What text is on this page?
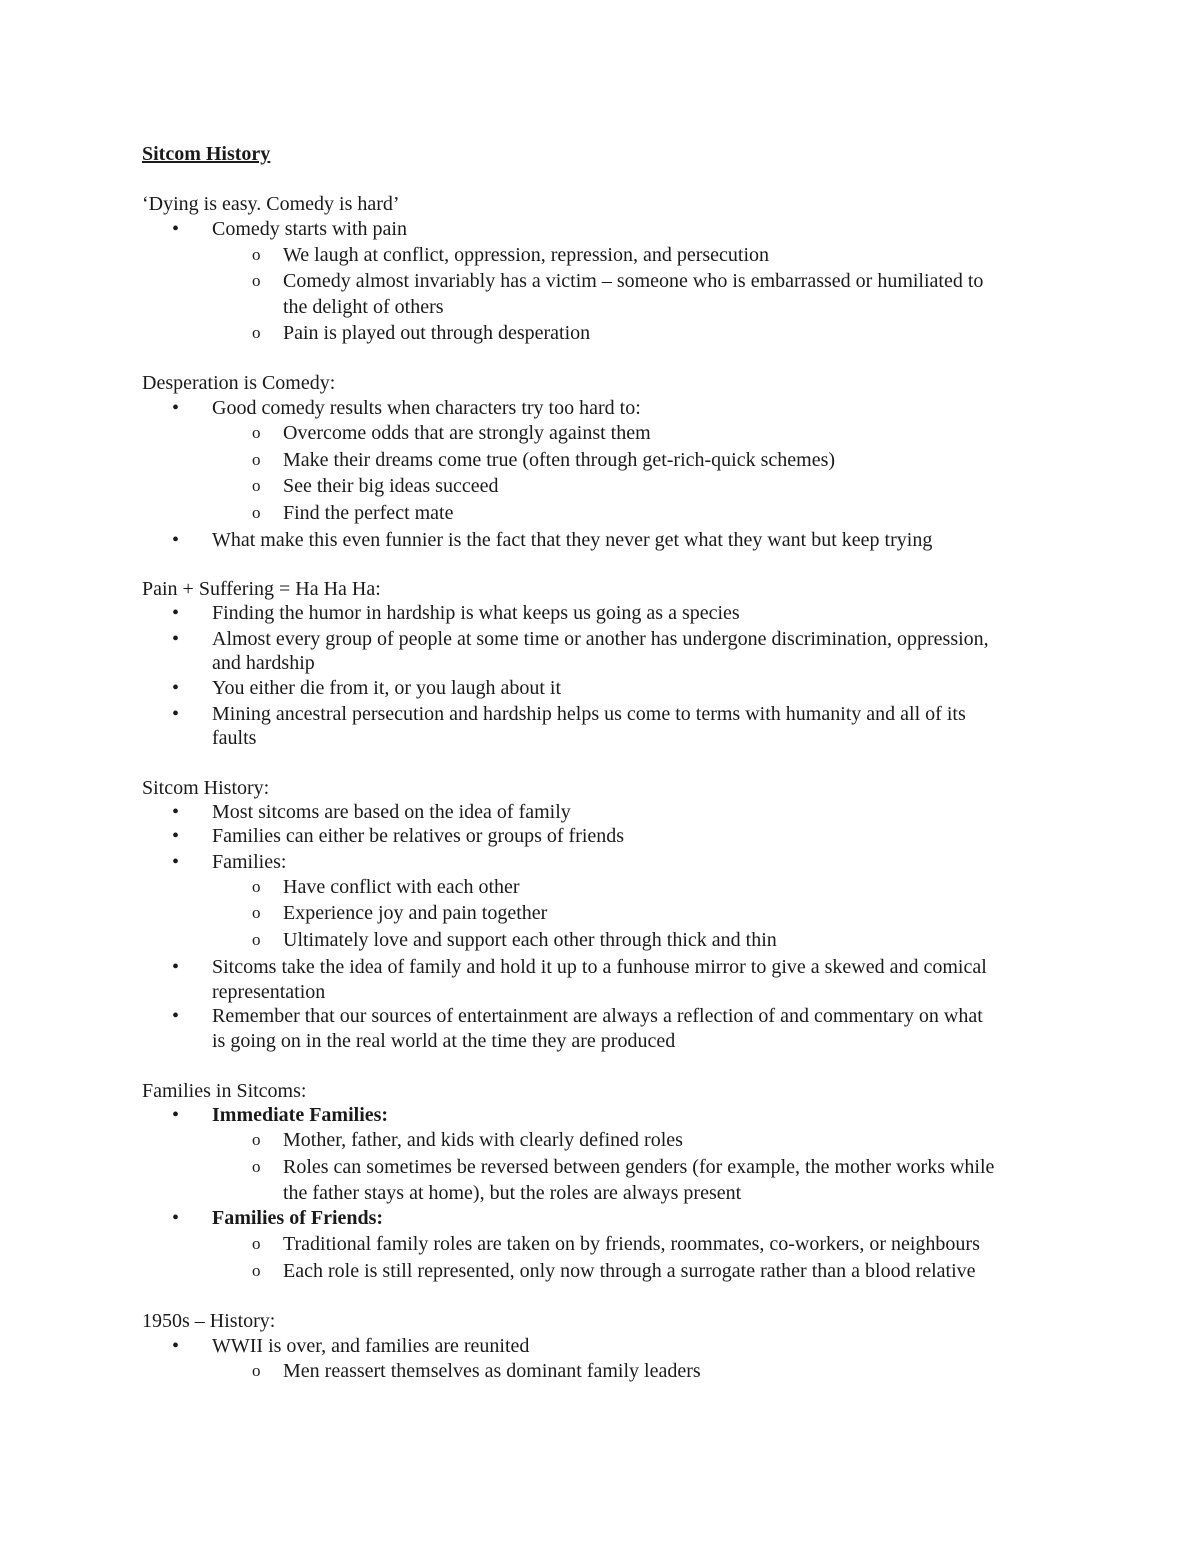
Sitcom History
‘Dying is easy. Comedy is hard’
• Comedy starts with pain
o We laugh at conflict, oppression, repression, and persecution
o Comedy almost invariably has a victim – someone who is embarrassed or humiliated to
the delight of others
o Pain is played out through desperation
Desperation is Comedy:
• Good comedy results when characters try too hard to:
o Overcome odds that are strongly against them
o Make their dreams come true (often through get-rich-quick schemes)
o See their big ideas succeed
o Find the perfect mate
• What make this even funnier is the fact that they never get what they want but keep trying
Pain + Suffering = Ha Ha Ha:
• Finding the humor in hardship is what keeps us going as a species
• Almost every group of people at some time or another has undergone discrimination, oppression,
and hardship
• You either die from it, or you laugh about it
• Mining ancestral persecution and hardship helps us come to terms with humanity and all of its
faults
Sitcom History:
• Most sitcoms are based on the idea of family
• Families can either be relatives or groups of friends
• Families:
o Have conflict with each other
o Experience joy and pain together
o Ultimately love and support each other through thick and thin
• Sitcoms take the idea of family and hold it up to a funhouse mirror to give a skewed and comical
representation
• Remember that our sources of entertainment are always a reflection of and commentary on what
is going on in the real world at the time they are produced
Families in Sitcoms:
• Immediate Families:
o Mother, father, and kids with clearly defined roles
o Roles can sometimes be reversed between genders (for example, the mother works while
the father stays at home), but the roles are always present
• Families of Friends:
o Traditional family roles are taken on by friends, roommates, co-workers, or neighbours
o Each role is still represented, only now through a surrogate rather than a blood relative
1950s – History:
• WWII is over, and families are reunited
o Men reassert themselves as dominant family leaders
